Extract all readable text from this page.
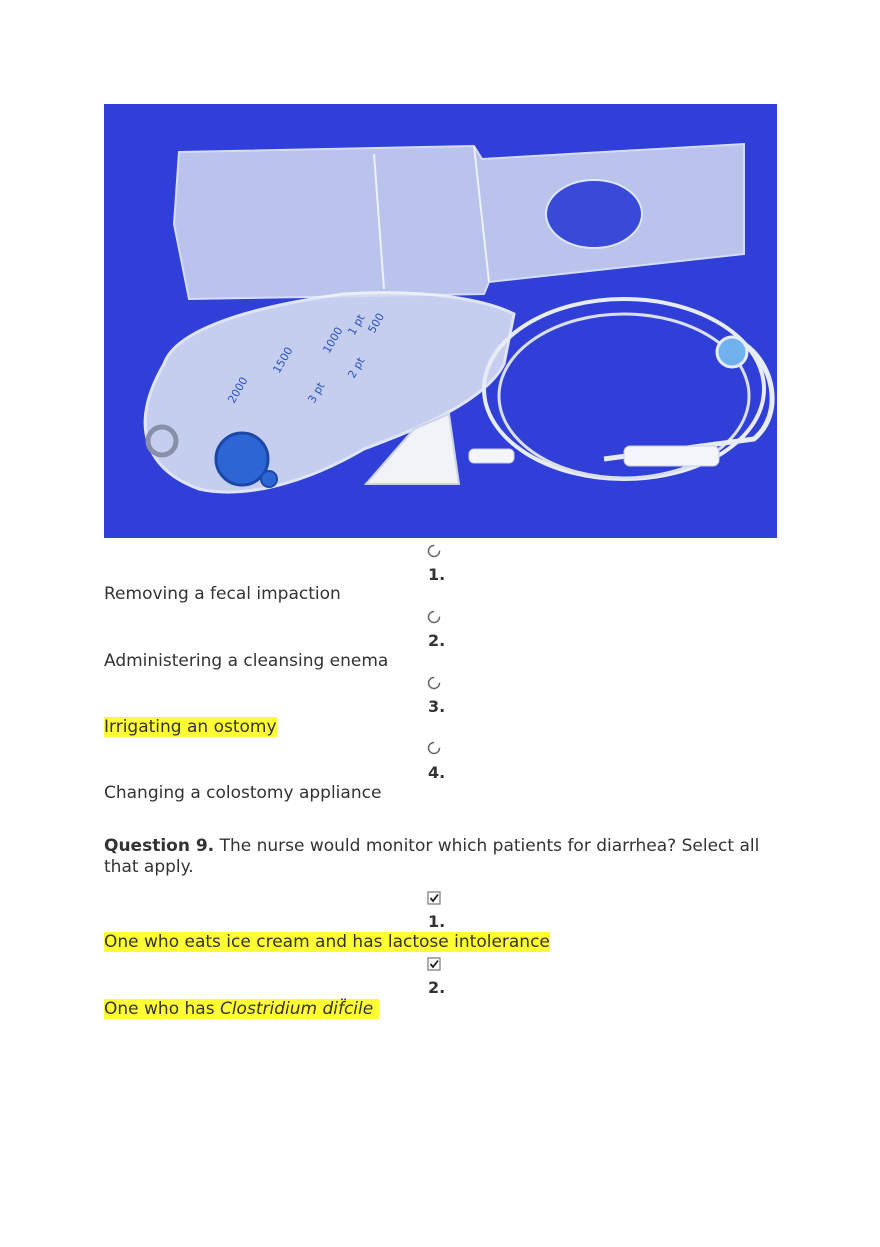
1 pt
500
1000
2 pt
1500
3 pt
2000
1.
Removing a fecal impaction
2.
Administering a cleansing enema
3.
Irrigating an ostomy
4.
Changing a colostomy appliance
Question 9. The nurse would monitor which patients for diarrhea? Select all that apply.
1.
One who eats ice cream and has lactose intolerance
2.
One who has Clostridium dif̈cile
